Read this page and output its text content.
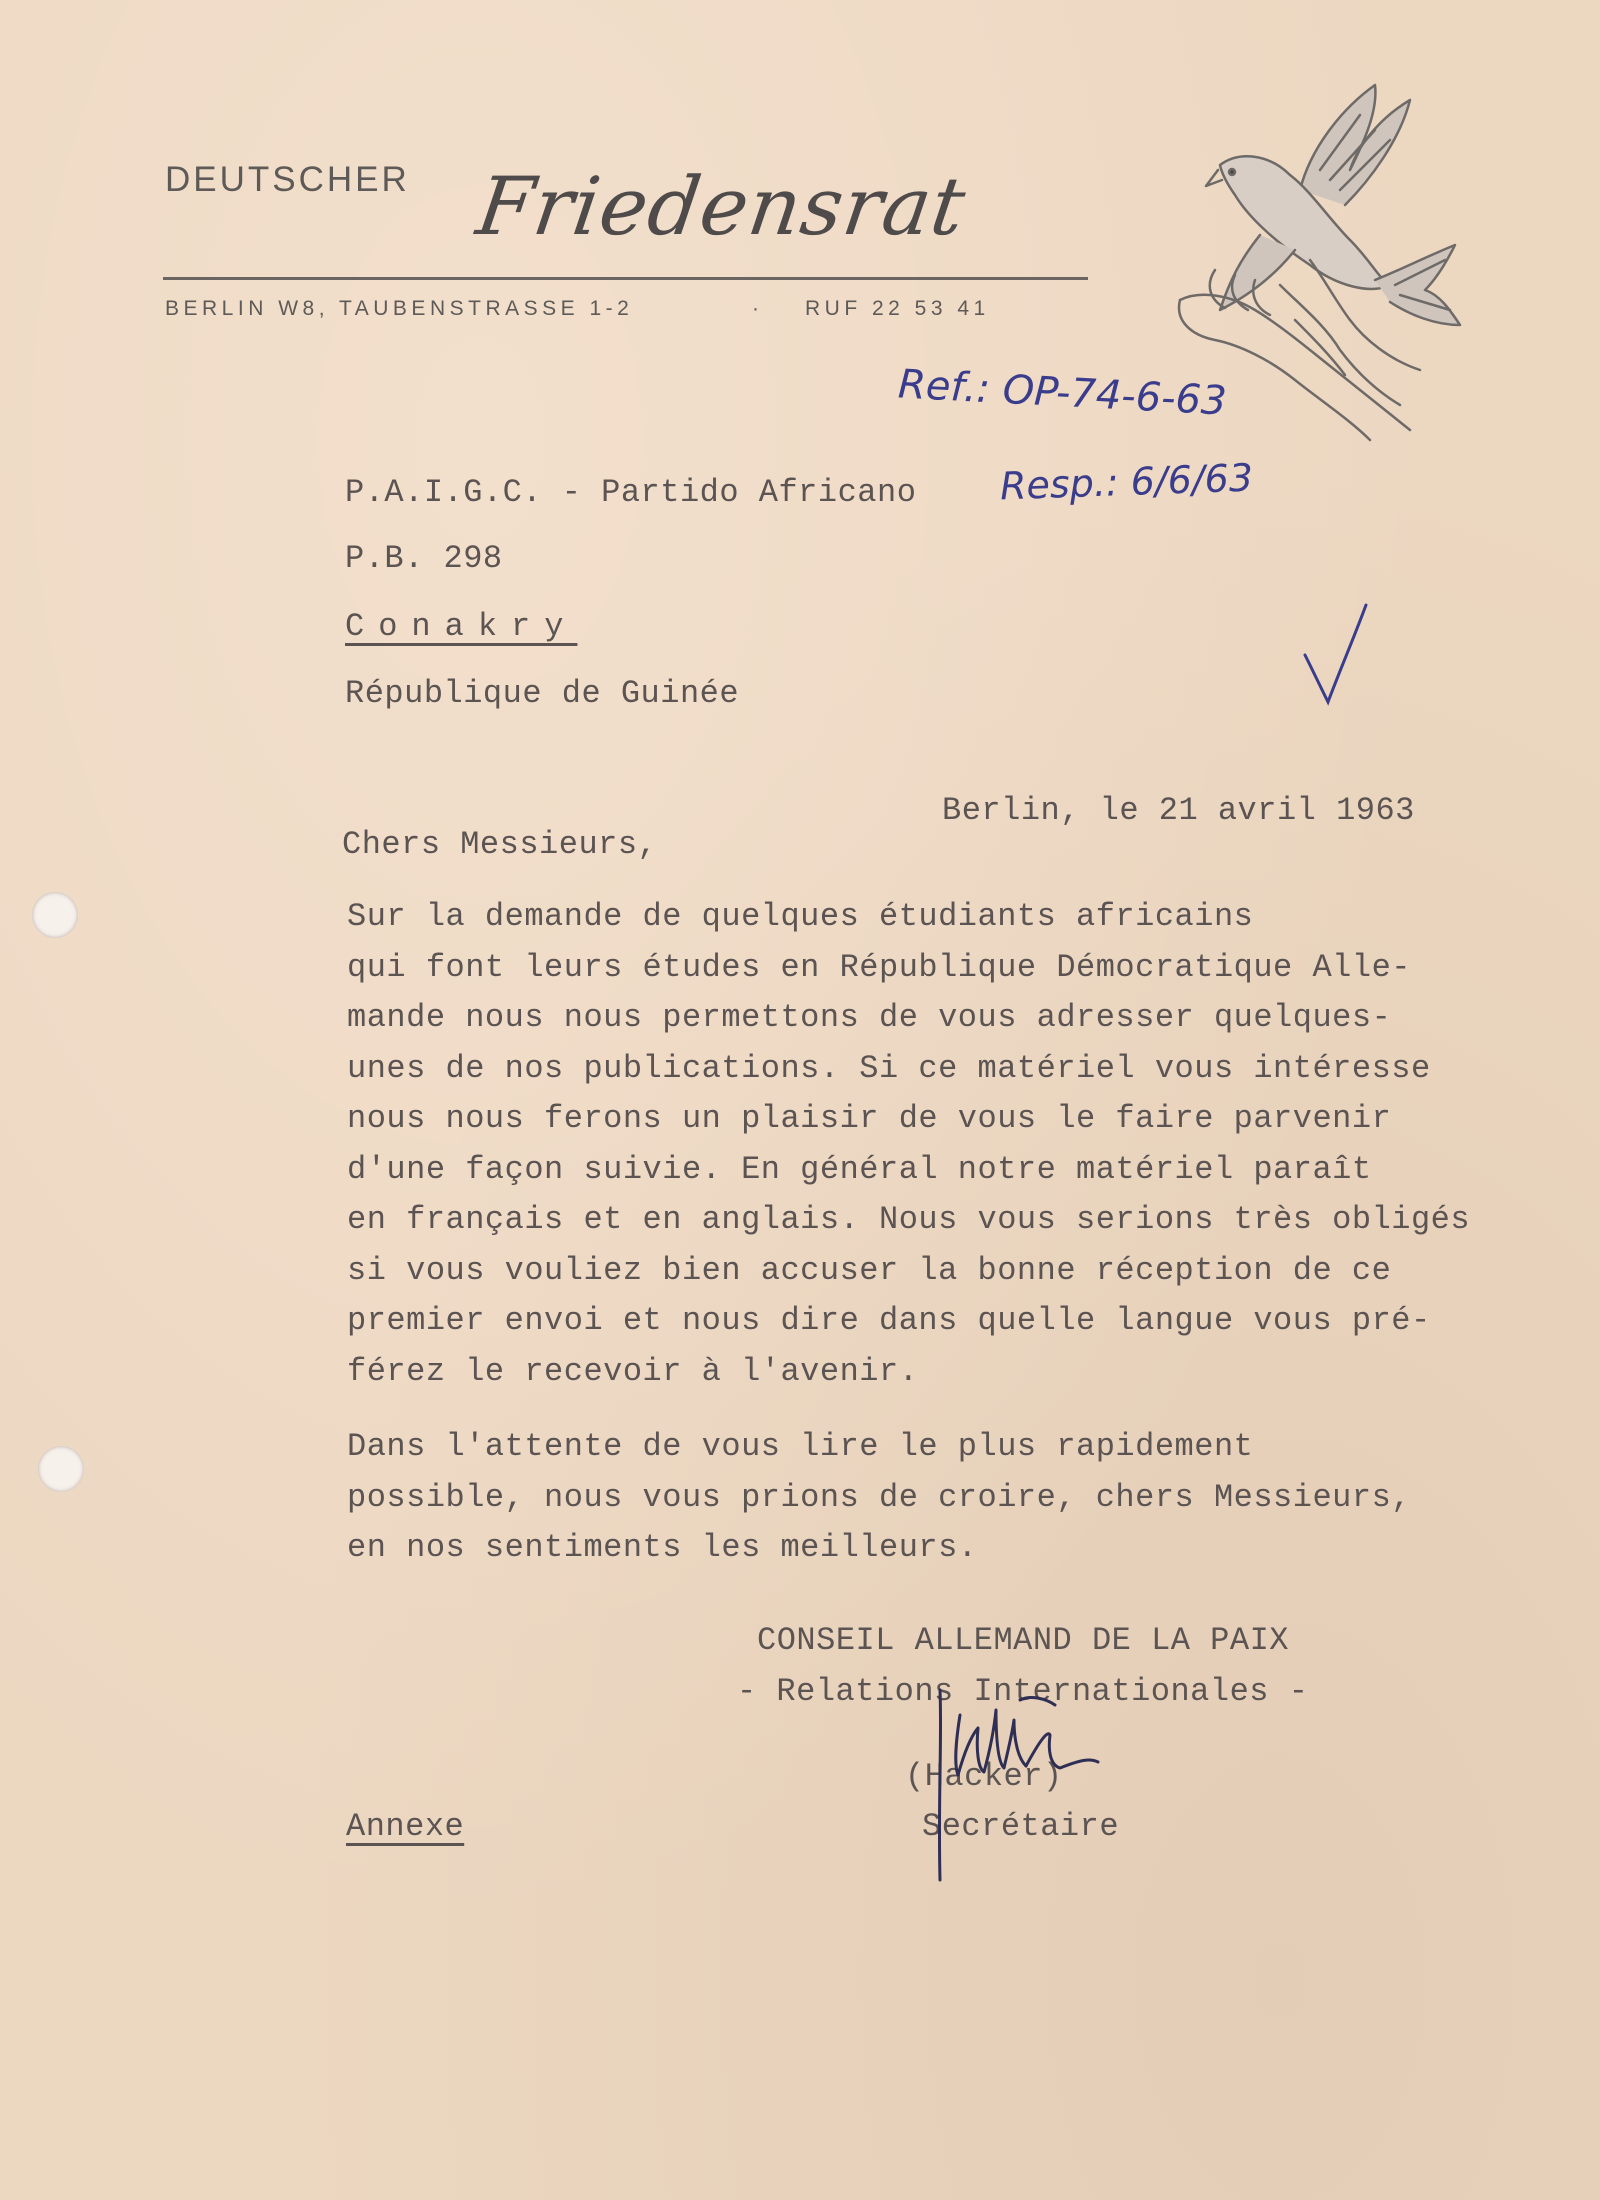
DEUTSCHER Friedensrat
BERLIN W8, TAUBENSTRASSE 1-2	· RUF 22 53 41
Ref.: OP-74-6-63
Resp.: 6/6/63
P.A.I.G.C. - Partido Africano
P.B. 298
Conakry
République de Guinée
Berlin, le 21 avril 1963
Chers Messieurs,
Sur la demande de quelques étudiants africains
qui font leurs études en République Démocratique Alle-
mande nous nous permettons de vous adresser quelques-
unes de nos publications. Si ce matériel vous intéresse
nous nous ferons un plaisir de vous le faire parvenir
d'une façon suivie. En général notre matériel paraît
en français et en anglais. Nous vous serions très obligés
si vous vouliez bien accuser la bonne réception de ce
premier envoi et nous dire dans quelle langue vous pré-
férez le recevoir à l'avenir.
Dans l'attente de vous lire le plus rapidement
possible, nous vous prions de croire, chers Messieurs,
en nos sentiments les meilleurs.
CONSEIL ALLEMAND DE LA PAIX
- Relations Internationales -
(Hacker)
Secrétaire
Annexe
